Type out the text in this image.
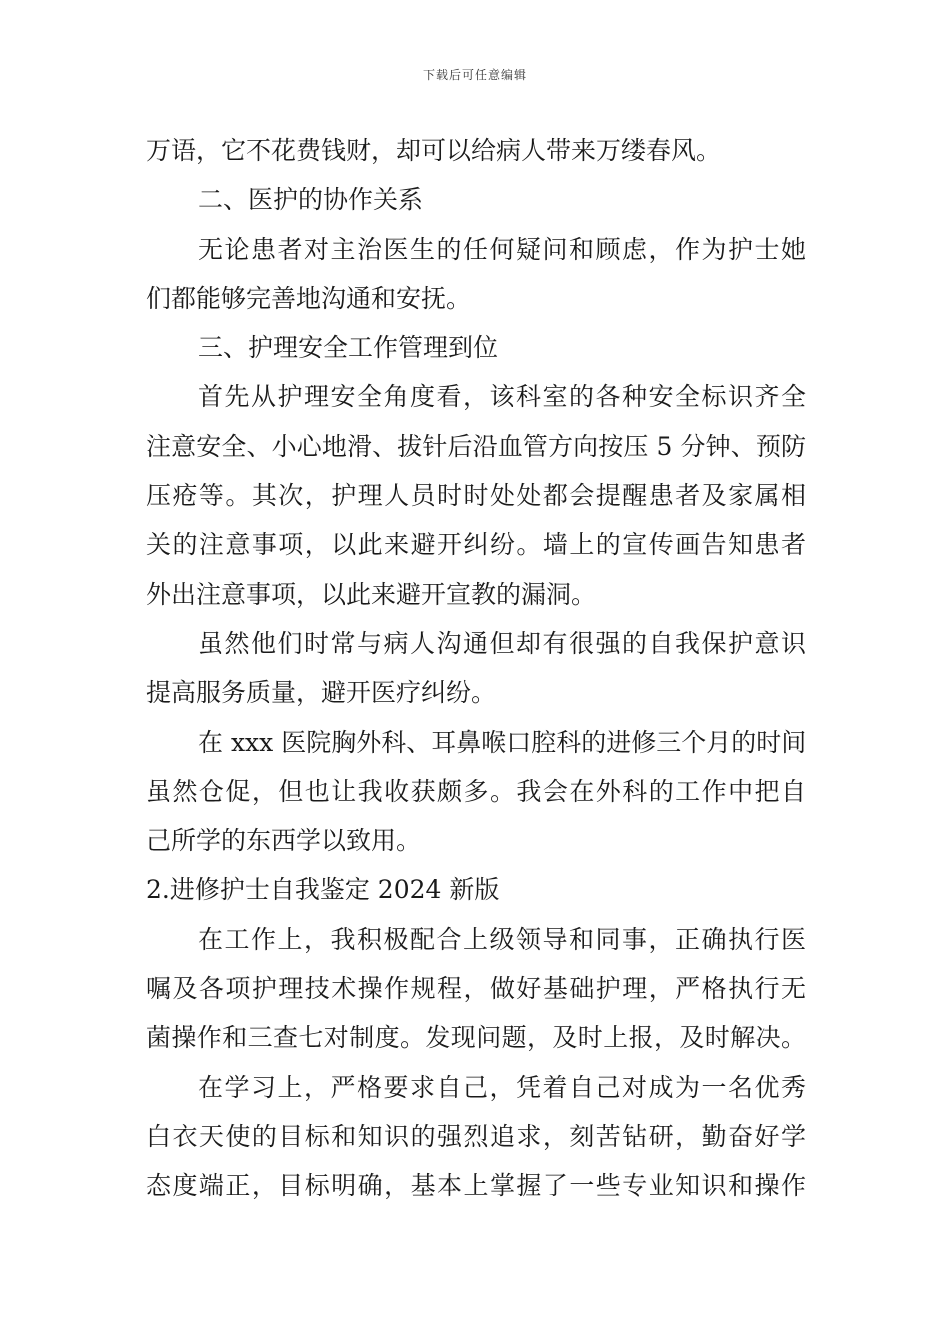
下载后可任意编辑
万语，它不花费钱财，却可以给病人带来万缕春风。
二、医护的协作关系
无论患者对主治医生的任何疑问和顾虑，作为护士她
们都能够完善地沟通和安抚。
三、护理安全工作管理到位
首先从护理安全角度看，该科室的各种安全标识齐全
注意安全、小心地滑、拔针后沿血管方向按压 5 分钟、预防
压疮等。其次，护理人员时时处处都会提醒患者及家属相
关的注意事项，以此来避开纠纷。墙上的宣传画告知患者
外出注意事项，以此来避开宣教的漏洞。
虽然他们时常与病人沟通但却有很强的自我保护意识
提高服务质量，避开医疗纠纷。
在 xxx 医院胸外科、耳鼻喉口腔科的进修三个月的时间
虽然仓促，但也让我收获颇多。我会在外科的工作中把自
己所学的东西学以致用。
2.进修护士自我鉴定 2024 新版
在工作上，我积极配合上级领导和同事，正确执行医
嘱及各项护理技术操作规程，做好基础护理，严格执行无
菌操作和三查七对制度。发现问题，及时上报，及时解决。
在学习上，严格要求自己，凭着自己对成为一名优秀
白衣天使的目标和知识的强烈追求，刻苦钻研，勤奋好学
态度端正，目标明确，基本上掌握了一些专业知识和操作
